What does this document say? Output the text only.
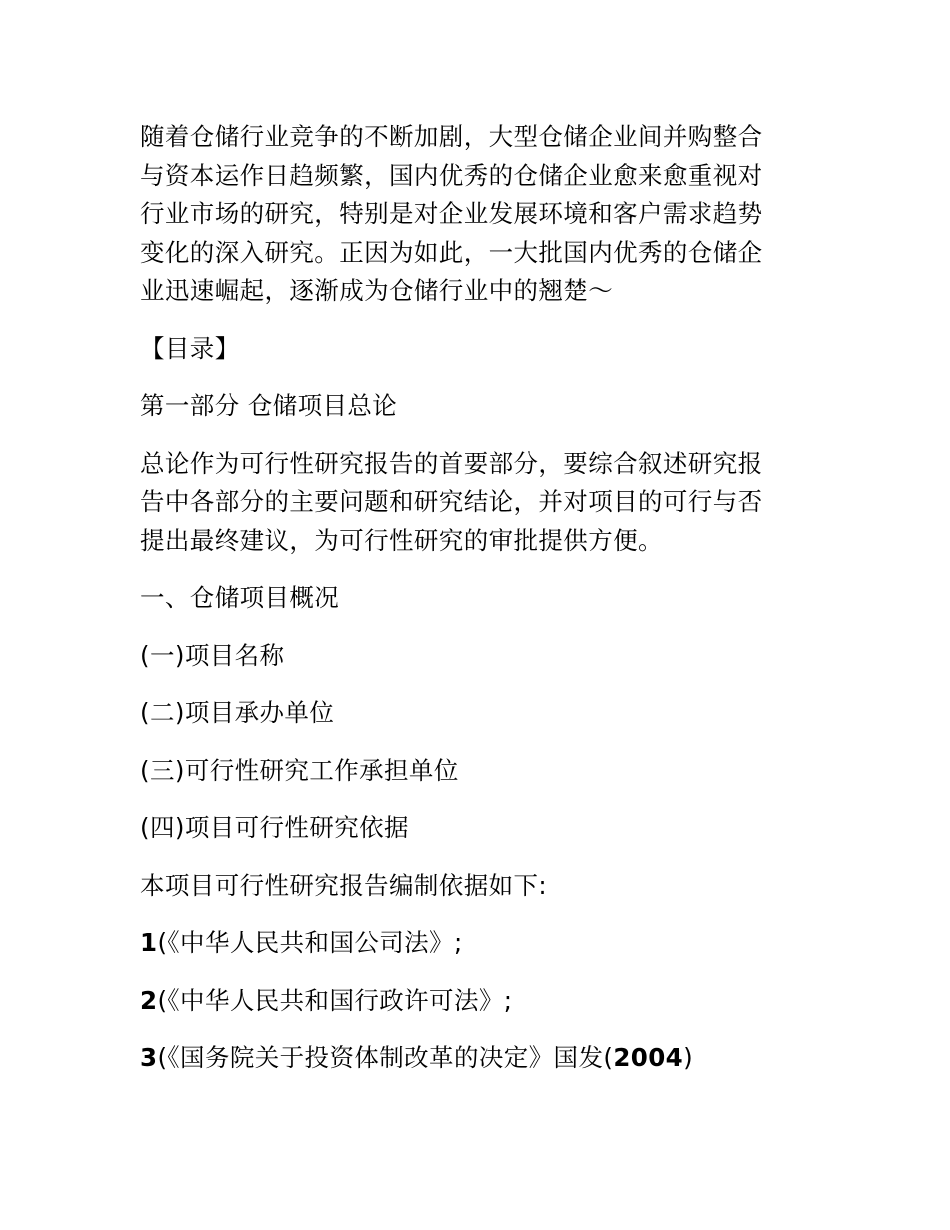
随着仓储行业竞争的不断加剧，大型仓储企业间并购整合
与资本运作日趋频繁，国内优秀的仓储企业愈来愈重视对
行业市场的研究，特别是对企业发展环境和客户需求趋势
变化的深入研究。正因为如此，一大批国内优秀的仓储企
业迅速崛起，逐渐成为仓储行业中的翘楚～

【目录】

第一部分 仓储项目总论

总论作为可行性研究报告的首要部分，要综合叙述研究报
告中各部分的主要问题和研究结论，并对项目的可行与否
提出最终建议，为可行性研究的审批提供方便。

一、仓储项目概况

(一)项目名称

(二)项目承办单位

(三)可行性研究工作承担单位

(四)项目可行性研究依据

本项目可行性研究报告编制依据如下:

1(《中华人民共和国公司法》;

2(《中华人民共和国行政许可法》;

3(《国务院关于投资体制改革的决定》国发(2004)
